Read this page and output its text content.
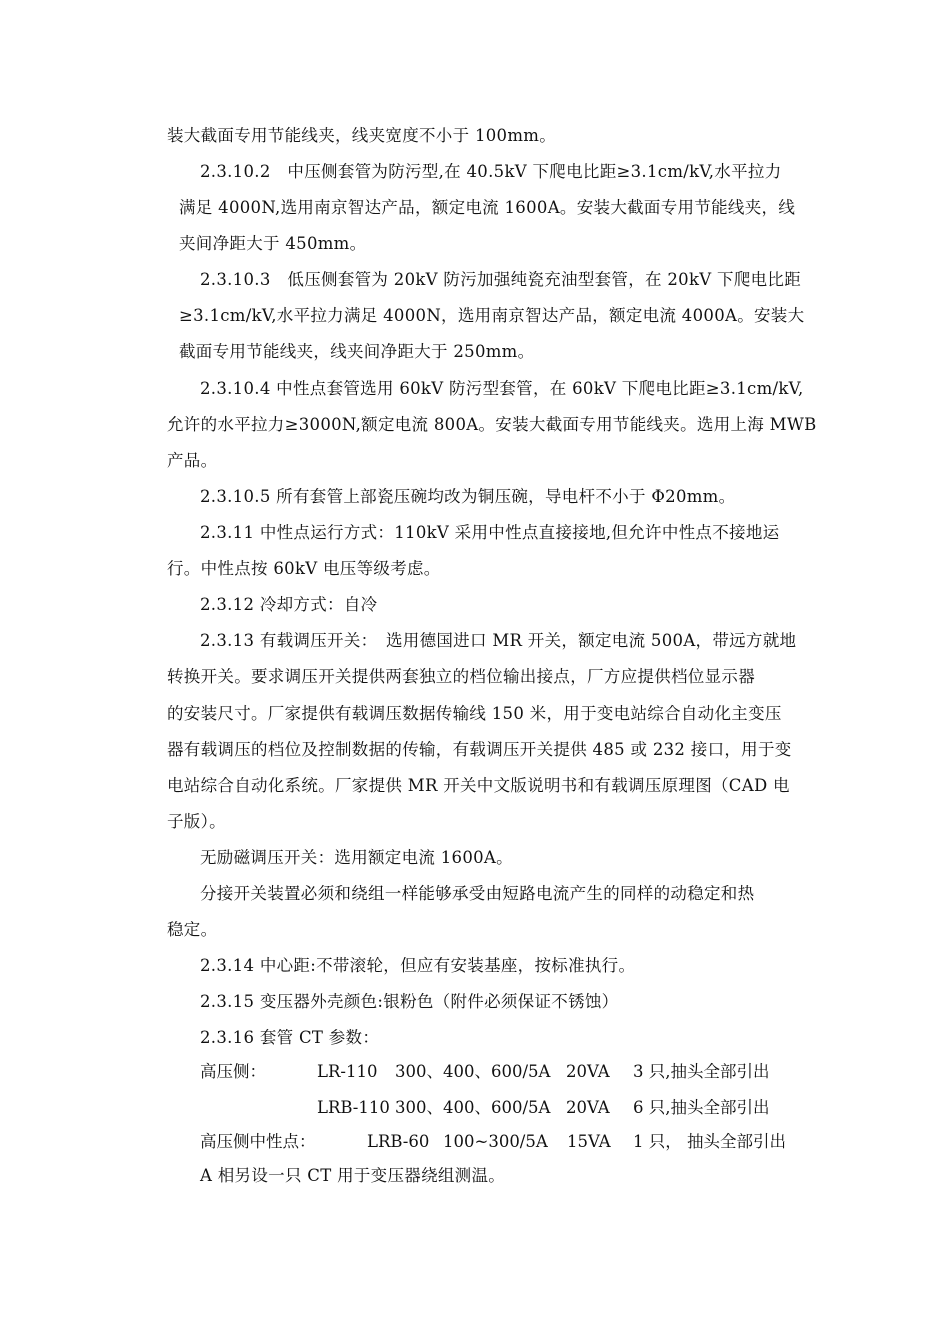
装大截面专用节能线夹，线夹宽度不小于 100mm。
2.3.10.2　中压侧套管为防污型,在 40.5kV 下爬电比距≥3.1cm/kV,水平拉力
满足 4000N,选用南京智达产品，额定电流 1600A。安装大截面专用节能线夹，线
夹间净距大于 450mm。
2.3.10.3　低压侧套管为 20kV 防污加强纯瓷充油型套管，在 20kV 下爬电比距
≥3.1cm/kV,水平拉力满足 4000N，选用南京智达产品，额定电流 4000A。安装大
截面专用节能线夹，线夹间净距大于 250mm。
2.3.10.4 中性点套管选用 60kV 防污型套管，在 60kV 下爬电比距≥3.1cm/kV,
允许的水平拉力≥3000N,额定电流 800A。安装大截面专用节能线夹。选用上海 MWB
产品。
2.3.10.5 所有套管上部瓷压碗均改为铜压碗，导电杆不小于 Φ20mm。
2.3.11 中性点运行方式：110kV 采用中性点直接接地,但允许中性点不接地运
行。中性点按 60kV 电压等级考虑。
2.3.12 冷却方式：自冷
2.3.13 有载调压开关：　选用德国进口 MR 开关，额定电流 500A，带远方就地
转换开关。要求调压开关提供两套独立的档位输出接点，厂方应提供档位显示器
的安装尺寸。厂家提供有载调压数据传输线 150 米，用于变电站综合自动化主变压
器有载调压的档位及控制数据的传输，有载调压开关提供 485 或 232 接口，用于变
电站综合自动化系统。厂家提供 MR 开关中文版说明书和有载调压原理图（CAD 电
子版）。
无励磁调压开关：选用额定电流 1600A。
分接开关装置必须和绕组一样能够承受由短路电流产生的同样的动稳定和热
稳定。
2.3.14 中心距:不带滚轮，但应有安装基座，按标准执行。
2.3.15 变压器外壳颜色:银粉色（附件必须保证不锈蚀）
2.3.16 套管 CT 参数：
高压侧：	LR-110 300、400、600/5A 20VA 3 只,抽头全部引出
LRB-110 300、400、600/5A 20VA 6 只,抽头全部引出
高压侧中性点：	LRB-60 100~300/5A 15VA 1 只， 抽头全部引出
A 相另设一只 CT 用于变压器绕组测温。
